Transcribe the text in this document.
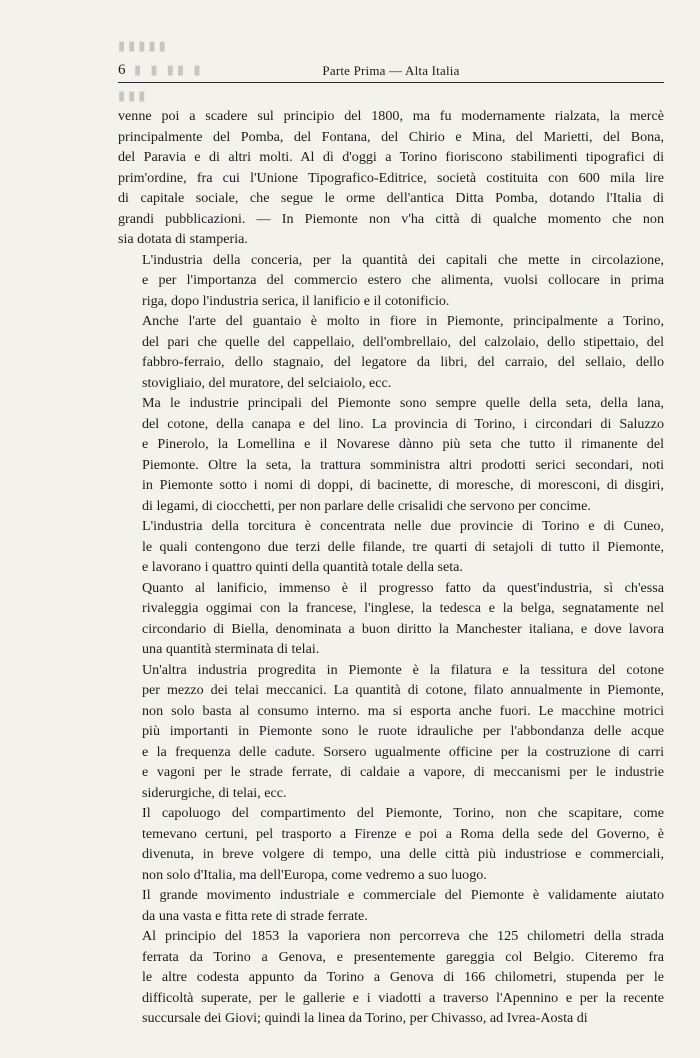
▮▮▮▮▮
▮ ▮ ▮▮ ▮
▮▮▮
6	Parte Prima — Alta Italia

venne poi a scadere sul principio del 1800, ma fu modernamente rialzata, la mercè
principalmente del Pomba, del Fontana, del Chirio e Mina, del Marietti, del Bona,
del Paravia e di altri molti. Al dì d'oggi a Torino fioriscono stabilimenti tipografici di
prim'ordine, fra cui l'Unione Tipografico-Editrice, società costituita con 600 mila lire
di capitale sociale, che segue le orme dell'antica Ditta Pomba, dotando l'Italia di
grandi pubblicazioni. — In Piemonte non v'ha città di qualche momento che non
sia dotata di stamperia.

L'industria della conceria, per la quantità dei capitali che mette in circolazione,
e per l'importanza del commercio estero che alimenta, vuolsi collocare in prima
riga, dopo l'industria serica, il lanificio e il cotonificio.

Anche l'arte del guantaio è molto in fiore in Piemonte, principalmente a Torino,
del pari che quelle del cappellaio, dell'ombrellaio, del calzolaio, dello stipettaio, del
fabbro-ferraio, dello stagnaio, del legatore da libri, del carraio, del sellaio, dello
stovigliaio, del muratore, del selciaiolo, ecc.

Ma le industrie principali del Piemonte sono sempre quelle della seta, della lana,
del cotone, della canapa e del lino. La provincia di Torino, i circondari di Saluzzo
e Pinerolo, la Lomellina e il Novarese dànno più seta che tutto il rimanente del
Piemonte. Oltre la seta, la trattura somministra altri prodotti serici secondari, noti
in Piemonte sotto i nomi di doppi, di bacinette, di moresche, di moresconi, di disgiri,
di legami, di ciocchetti, per non parlare delle crisalidi che servono per concime.

L'industria della torcitura è concentrata nelle due provincie di Torino e di Cuneo,
le quali contengono due terzi delle filande, tre quarti di setajoli di tutto il Piemonte,
e lavorano i quattro quinti della quantità totale della seta.

Quanto al lanificio, immenso è il progresso fatto da quest'industria, sì ch'essa
rivaleggia oggimai con la francese, l'inglese, la tedesca e la belga, segnatamente nel
circondario di Biella, denominata a buon diritto la Manchester italiana, e dove lavora
una quantità sterminata di telai.

Un'altra industria progredita in Piemonte è la filatura e la tessitura del cotone
per mezzo dei telai meccanici. La quantità di cotone, filato annualmente in Piemonte,
non solo basta al consumo interno. ma si esporta anche fuori. Le macchine motrici
più importanti in Piemonte sono le ruote idrauliche per l'abbondanza delle acque
e la frequenza delle cadute. Sorsero ugualmente officine per la costruzione di carri
e vagoni per le strade ferrate, di caldaie a vapore, di meccanismi per le industrie
siderurgiche, di telai, ecc.

Il capoluogo del compartimento del Piemonte, Torino, non che scapitare, come
temevano certuni, pel trasporto a Firenze e poi a Roma della sede del Governo, è
divenuta, in breve volgere di tempo, una delle città più industriose e commerciali,
non solo d'Italia, ma dell'Europa, come vedremo a suo luogo.

Il grande movimento industriale e commerciale del Piemonte è validamente aiutato
da una vasta e fitta rete di strade ferrate.

Al principio del 1853 la vaporiera non percorreva che 125 chilometri della strada
ferrata da Torino a Genova, e presentemente gareggia col Belgio. Citeremo fra
le altre codesta appunto da Torino a Genova di 166 chilometri, stupenda per le
difficoltà superate, per le gallerie e i viadotti a traverso l'Apennino e per la recente
succursale dei Giovi; quindi la linea da Torino, per Chivasso, ad Ivrea-Aosta di
